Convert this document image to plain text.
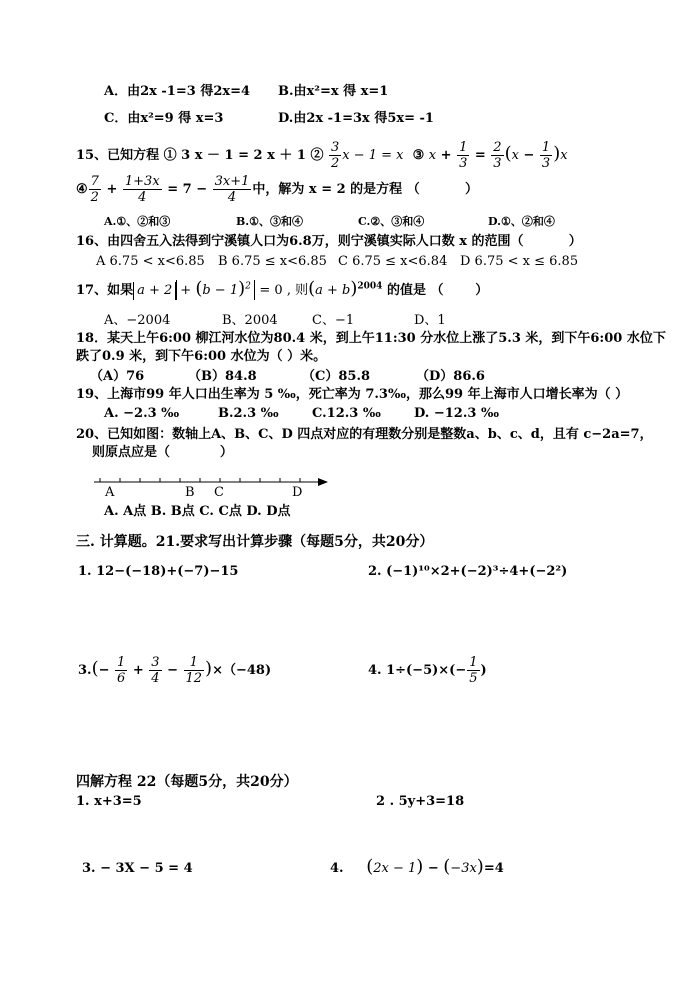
A．由2x -1=3 得2x=4 B.由x²=x 得 x=1
C．由x²=9 得 x=3	D.由2x -1=3x 得5x= -1
15、已知方程 ① 3 x － 1 = 2 x ＋ 1 ② $\frac{3}{2}$ x − 1 = x ③ $x + \frac{1}{3} = \frac{2}{3} (x - \frac{1}{3} )x$
④ $\frac{7}{2} + \frac{1+3x}{4} = 7 - \frac{3x+1}{4}$ 中，解为 x = 2 的是方程 （	）
A.①、②和③	B.①、③和④	C.②、③和④	D.①、②和④
16、由四舍五入法得到宁溪镇人口为6.8万，则宁溪镇实际人口数 x 的范围（	）
A 6.75 < x<6.85 B 6.75 ≤ x<6.85 C 6.75 ≤ x<6.84 D 6.75 < x ≤ 6.85
17、如果 $a + 2 + (b - 1)^2 = 0$ , 则$(a + b)^{2004}$ 的值是 （ ）
A、−2004	B、2004	C、−1	D、1
18．某天上午6:00 柳江河水位为80.4 米，到上午11:30 分水位上涨了5.3 米，到下午6:00 水位下
跌了0.9 米，到下午6:00 水位为（ ）米。
（A）76	（B）84.8	（C）85.8	（D）86.6
19、上海市99 年人口出生率为 5 ‰，死亡率为 7.3‰，那么99 年上海市人口增长率为（ ）
A. −2.3 ‰	B.2.3 ‰	C.12.3 ‰	D. −12.3 ‰
20、已知如图：数轴上A、B、C、D 四点对应的有理数分别是整数a、b、c、d，且有 c−2a=7，
则原点应是（	）
A	B C	D
A. A点 B. B点 C. C点 D. D点
三. 计算题。21.要求写出计算步骤（每题5分，共20分）
1. 12−(−18)+(−7)−15	2. (−1)¹⁰×2+(−2)³÷4+(−2²)
$3.(- \frac{1}{6} + \frac{3}{4} - \frac{1}{12} )\times(-48)$	4. $1\div(-5)\times(- \frac{1}{5}$ )
四解方程 22（每题5分，共20分）
1. x+3=5	2 . 5y+3=18
3. − 3X − 5 = 4	4. (2x − 1) − (−3x)=4
